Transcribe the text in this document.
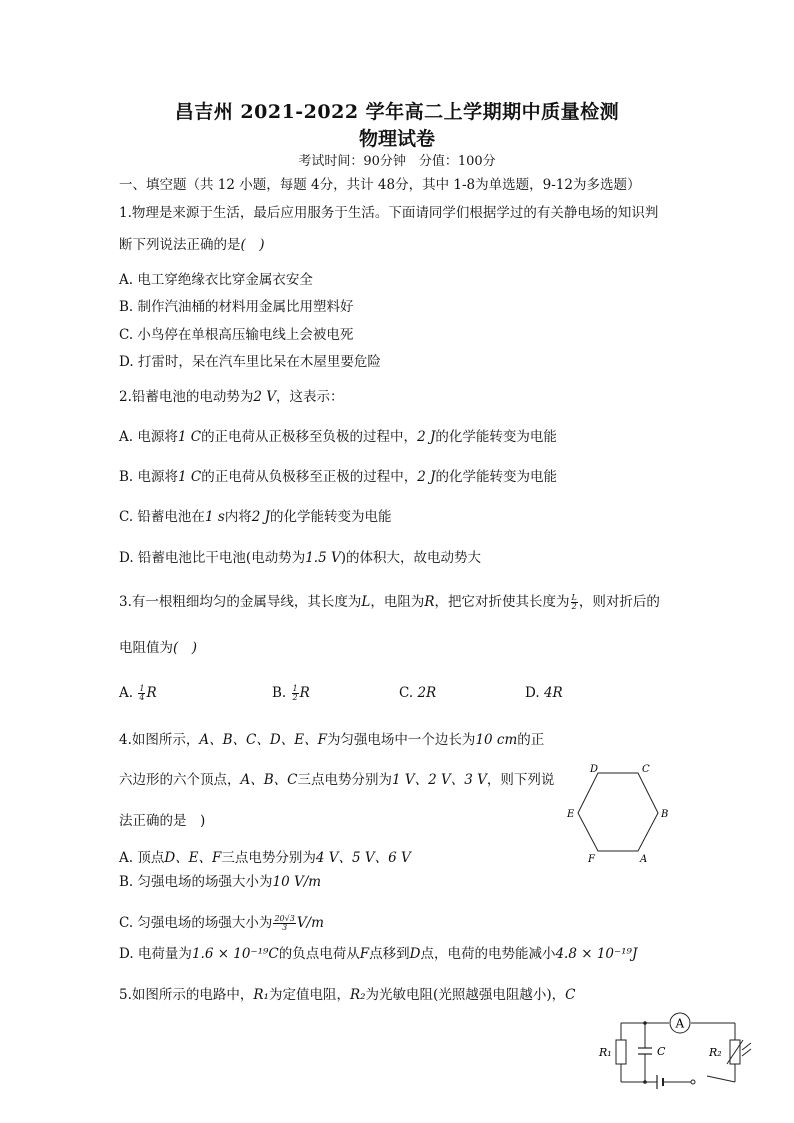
昌吉州 2021-2022 学年高二上学期期中质量检测
物理试卷
考试时间：90分钟　分值：100分
一、填空题（共 12 小题，每题 4分，共计 48分，其中 1-8为单选题，9-12为多选题）
1.物理是来源于生活，最后应用服务于生活。下面请同学们根据学过的有关静电场的知识判
断下列说法正确的是(　)
A. 电工穿绝缘衣比穿金属衣安全
B. 制作汽油桶的材料用金属比用塑料好
C. 小鸟停在单根高压输电线上会被电死
D. 打雷时，呆在汽车里比呆在木屋里要危险
2.铅蓄电池的电动势为2 V，这表示：
A. 电源将1 C的正电荷从正极移至负极的过程中，2 J的化学能转变为电能
B. 电源将1 C的正电荷从负极移至正极的过程中，2 J的化学能转变为电能
C. 铅蓄电池在1 s内将2 J的化学能转变为电能
D. 铅蓄电池比干电池(电动势为1.5 V)的体积大，故电动势大
3.有一根粗细均匀的金属导线，其长度为L，电阻为R，把它对折使其长度为 $\frac{L}{2}$ ，则对折后的
电阻值为(　)
A. $\frac{1}{4}$ R	B. $\frac{1}{2}$ R	C. 2R	D. 4R
4.如图所示，A、B、C、D、E、F为匀强电场中一个边长为10 cm的正
六边形的六个顶点，A、B、C三点电势分别为1 V、2 V、3 V，则下列说
法正确的是　)
A. 顶点D、E、F三点电势分别为4 V、5 V、6 V
B. 匀强电场的场强大小为10 V/m
C. 匀强电场的场强大小为 $\frac{20√3}{3} V/m$
D. 电荷量为1.6 × 10⁻¹⁹C的负点电荷从F点移到D点，电荷的电势能减小4.8 × 10⁻¹⁹J
A
B
C
D
E
F
5.如图所示的电路中，R₁为定值电阻，R₂为光敏电阻(光照越强电阻越小)，C
A
R₁	C	R₂
